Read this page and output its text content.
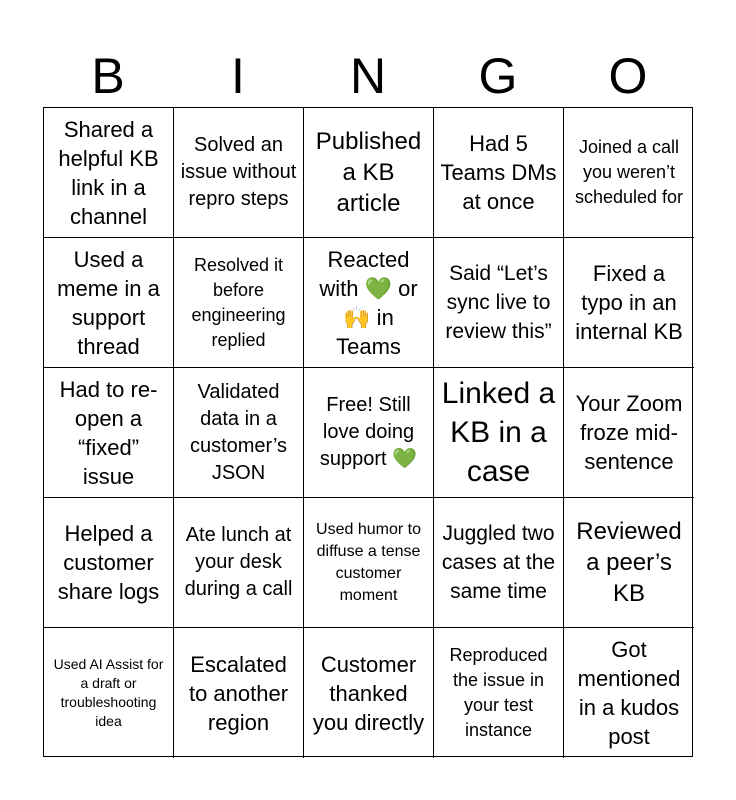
B	I	N	G	O
Shared a helpful KB link in a channel
Solved an issue without repro steps
Published a KB article
Had 5 Teams DMs at once
Joined a call you weren’t scheduled for
Used a meme in a support thread
Resolved it before engineering replied
Reacted with 💚 or 🙌 in Teams
Said “Let’s sync live to review this”
Fixed a typo in an internal KB
Had to re-open a “fixed” issue
Validated data in a customer’s JSON
Free! Still love doing support 💚
Linked a KB in a case
Your Zoom froze mid-sentence
Helped a customer share logs
Ate lunch at your desk during a call
Used humor to diffuse a tense customer moment
Juggled two cases at the same time
Reviewed a peer’s KB
Used AI Assist for a draft or troubleshooting idea
Escalated to another region
Customer thanked you directly
Reproduced the issue in your test instance
Got mentioned in a kudos post
